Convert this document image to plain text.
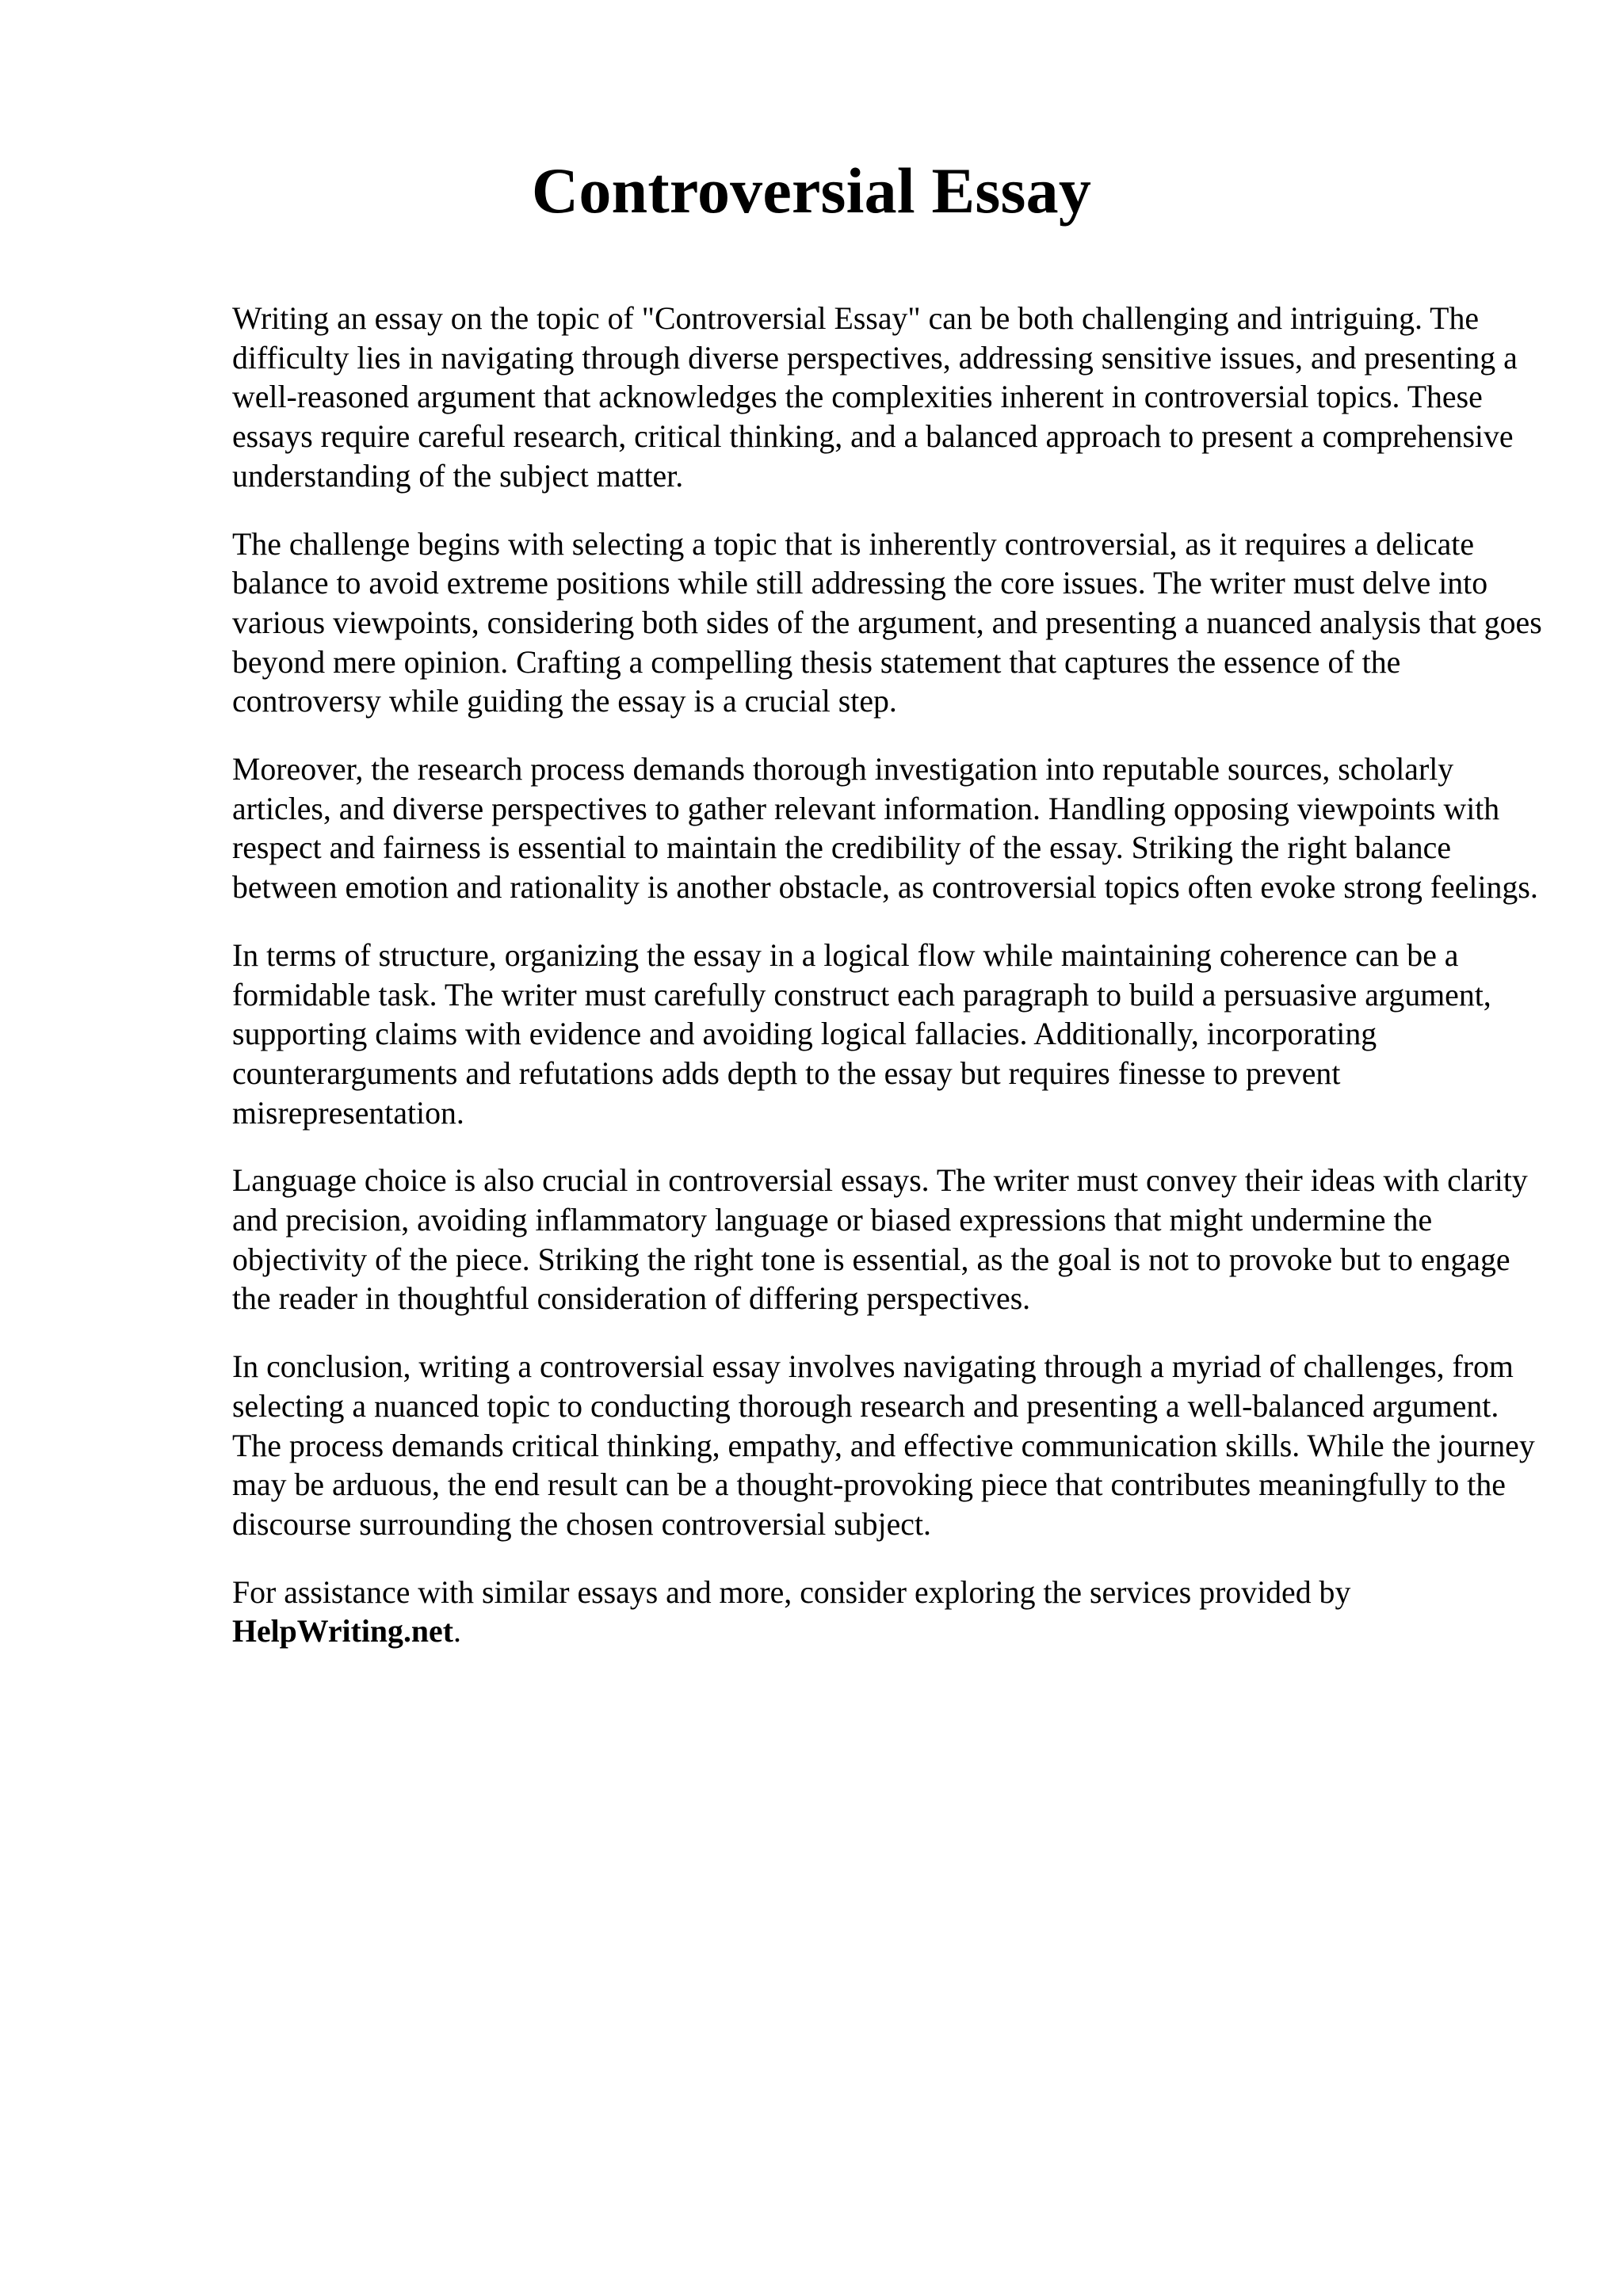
Controversial Essay

Writing an essay on the topic of "Controversial Essay" can be both challenging and intriguing. The difficulty lies in navigating through diverse perspectives, addressing sensitive issues, and presenting a well-reasoned argument that acknowledges the complexities inherent in controversial topics. These essays require careful research, critical thinking, and a balanced approach to present a comprehensive understanding of the subject matter.

The challenge begins with selecting a topic that is inherently controversial, as it requires a delicate balance to avoid extreme positions while still addressing the core issues. The writer must delve into various viewpoints, considering both sides of the argument, and presenting a nuanced analysis that goes beyond mere opinion. Crafting a compelling thesis statement that captures the essence of the controversy while guiding the essay is a crucial step.

Moreover, the research process demands thorough investigation into reputable sources, scholarly articles, and diverse perspectives to gather relevant information. Handling opposing viewpoints with respect and fairness is essential to maintain the credibility of the essay. Striking the right balance between emotion and rationality is another obstacle, as controversial topics often evoke strong feelings.

In terms of structure, organizing the essay in a logical flow while maintaining coherence can be a formidable task. The writer must carefully construct each paragraph to build a persuasive argument, supporting claims with evidence and avoiding logical fallacies. Additionally, incorporating counterarguments and refutations adds depth to the essay but requires finesse to prevent misrepresentation.

Language choice is also crucial in controversial essays. The writer must convey their ideas with clarity and precision, avoiding inflammatory language or biased expressions that might undermine the objectivity of the piece. Striking the right tone is essential, as the goal is not to provoke but to engage the reader in thoughtful consideration of differing perspectives.

In conclusion, writing a controversial essay involves navigating through a myriad of challenges, from selecting a nuanced topic to conducting thorough research and presenting a well-balanced argument. The process demands critical thinking, empathy, and effective communication skills. While the journey may be arduous, the end result can be a thought-provoking piece that contributes meaningfully to the discourse surrounding the chosen controversial subject.

For assistance with similar essays and more, consider exploring the services provided by HelpWriting.net.
